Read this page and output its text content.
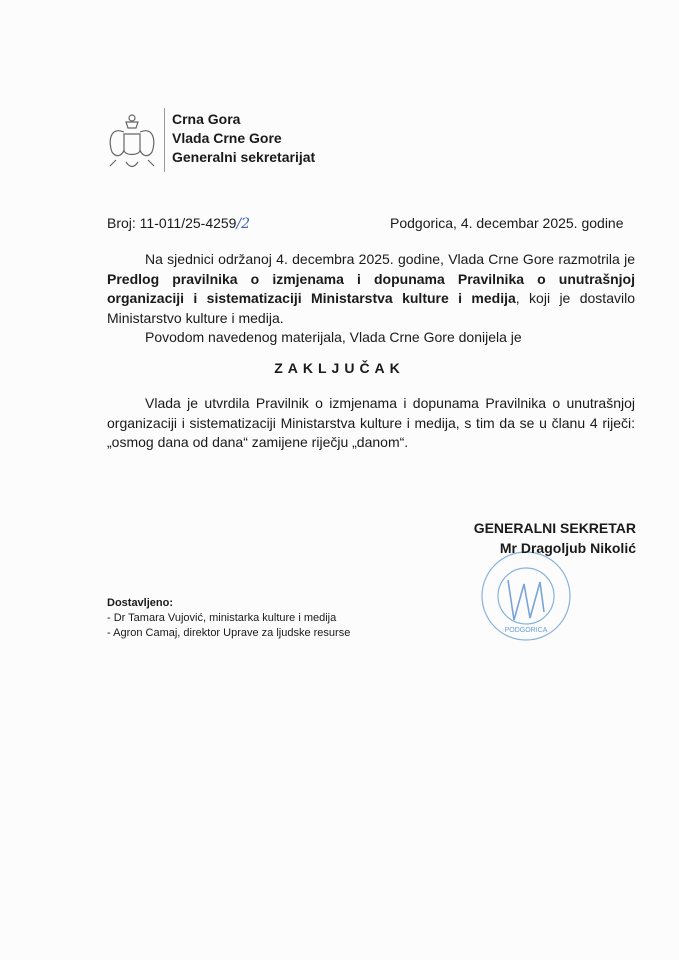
Crna Gora
Vlada Crne Gore
Generalni sekretarijat
Broj: 11-011/25-4259/2	Podgorica, 4. decembar 2025. godine

Na sjednici održanoj 4. decembra 2025. godine, Vlada Crne Gore razmotrila je Predlog pravilnika o izmjenama i dopunama Pravilnika o unutrašnjoj organizaciji i sistematizaciji Ministarstva kulture i medija, koji je dostavilo Ministarstvo kulture i medija.

Povodom navedenog materijala, Vlada Crne Gore donijela je

ZAKLJUČAK

Vlada je utvrdila Pravilnik o izmjenama i dopunama Pravilnika o unutrašnjoj organizaciji i sistematizaciji Ministarstva kulture i medija, s tim da se u članu 4 riječi: „osmog dana od dana“ zamijene riječju „danom“.

PODGORICA
GENERALNI SEKRETAR
Mr Dragoljub Nikolić
Dostavljeno:
- Dr Tamara Vujović, ministarka kulture i medija
- Agron Camaj, direktor Uprave za ljudske resurse
